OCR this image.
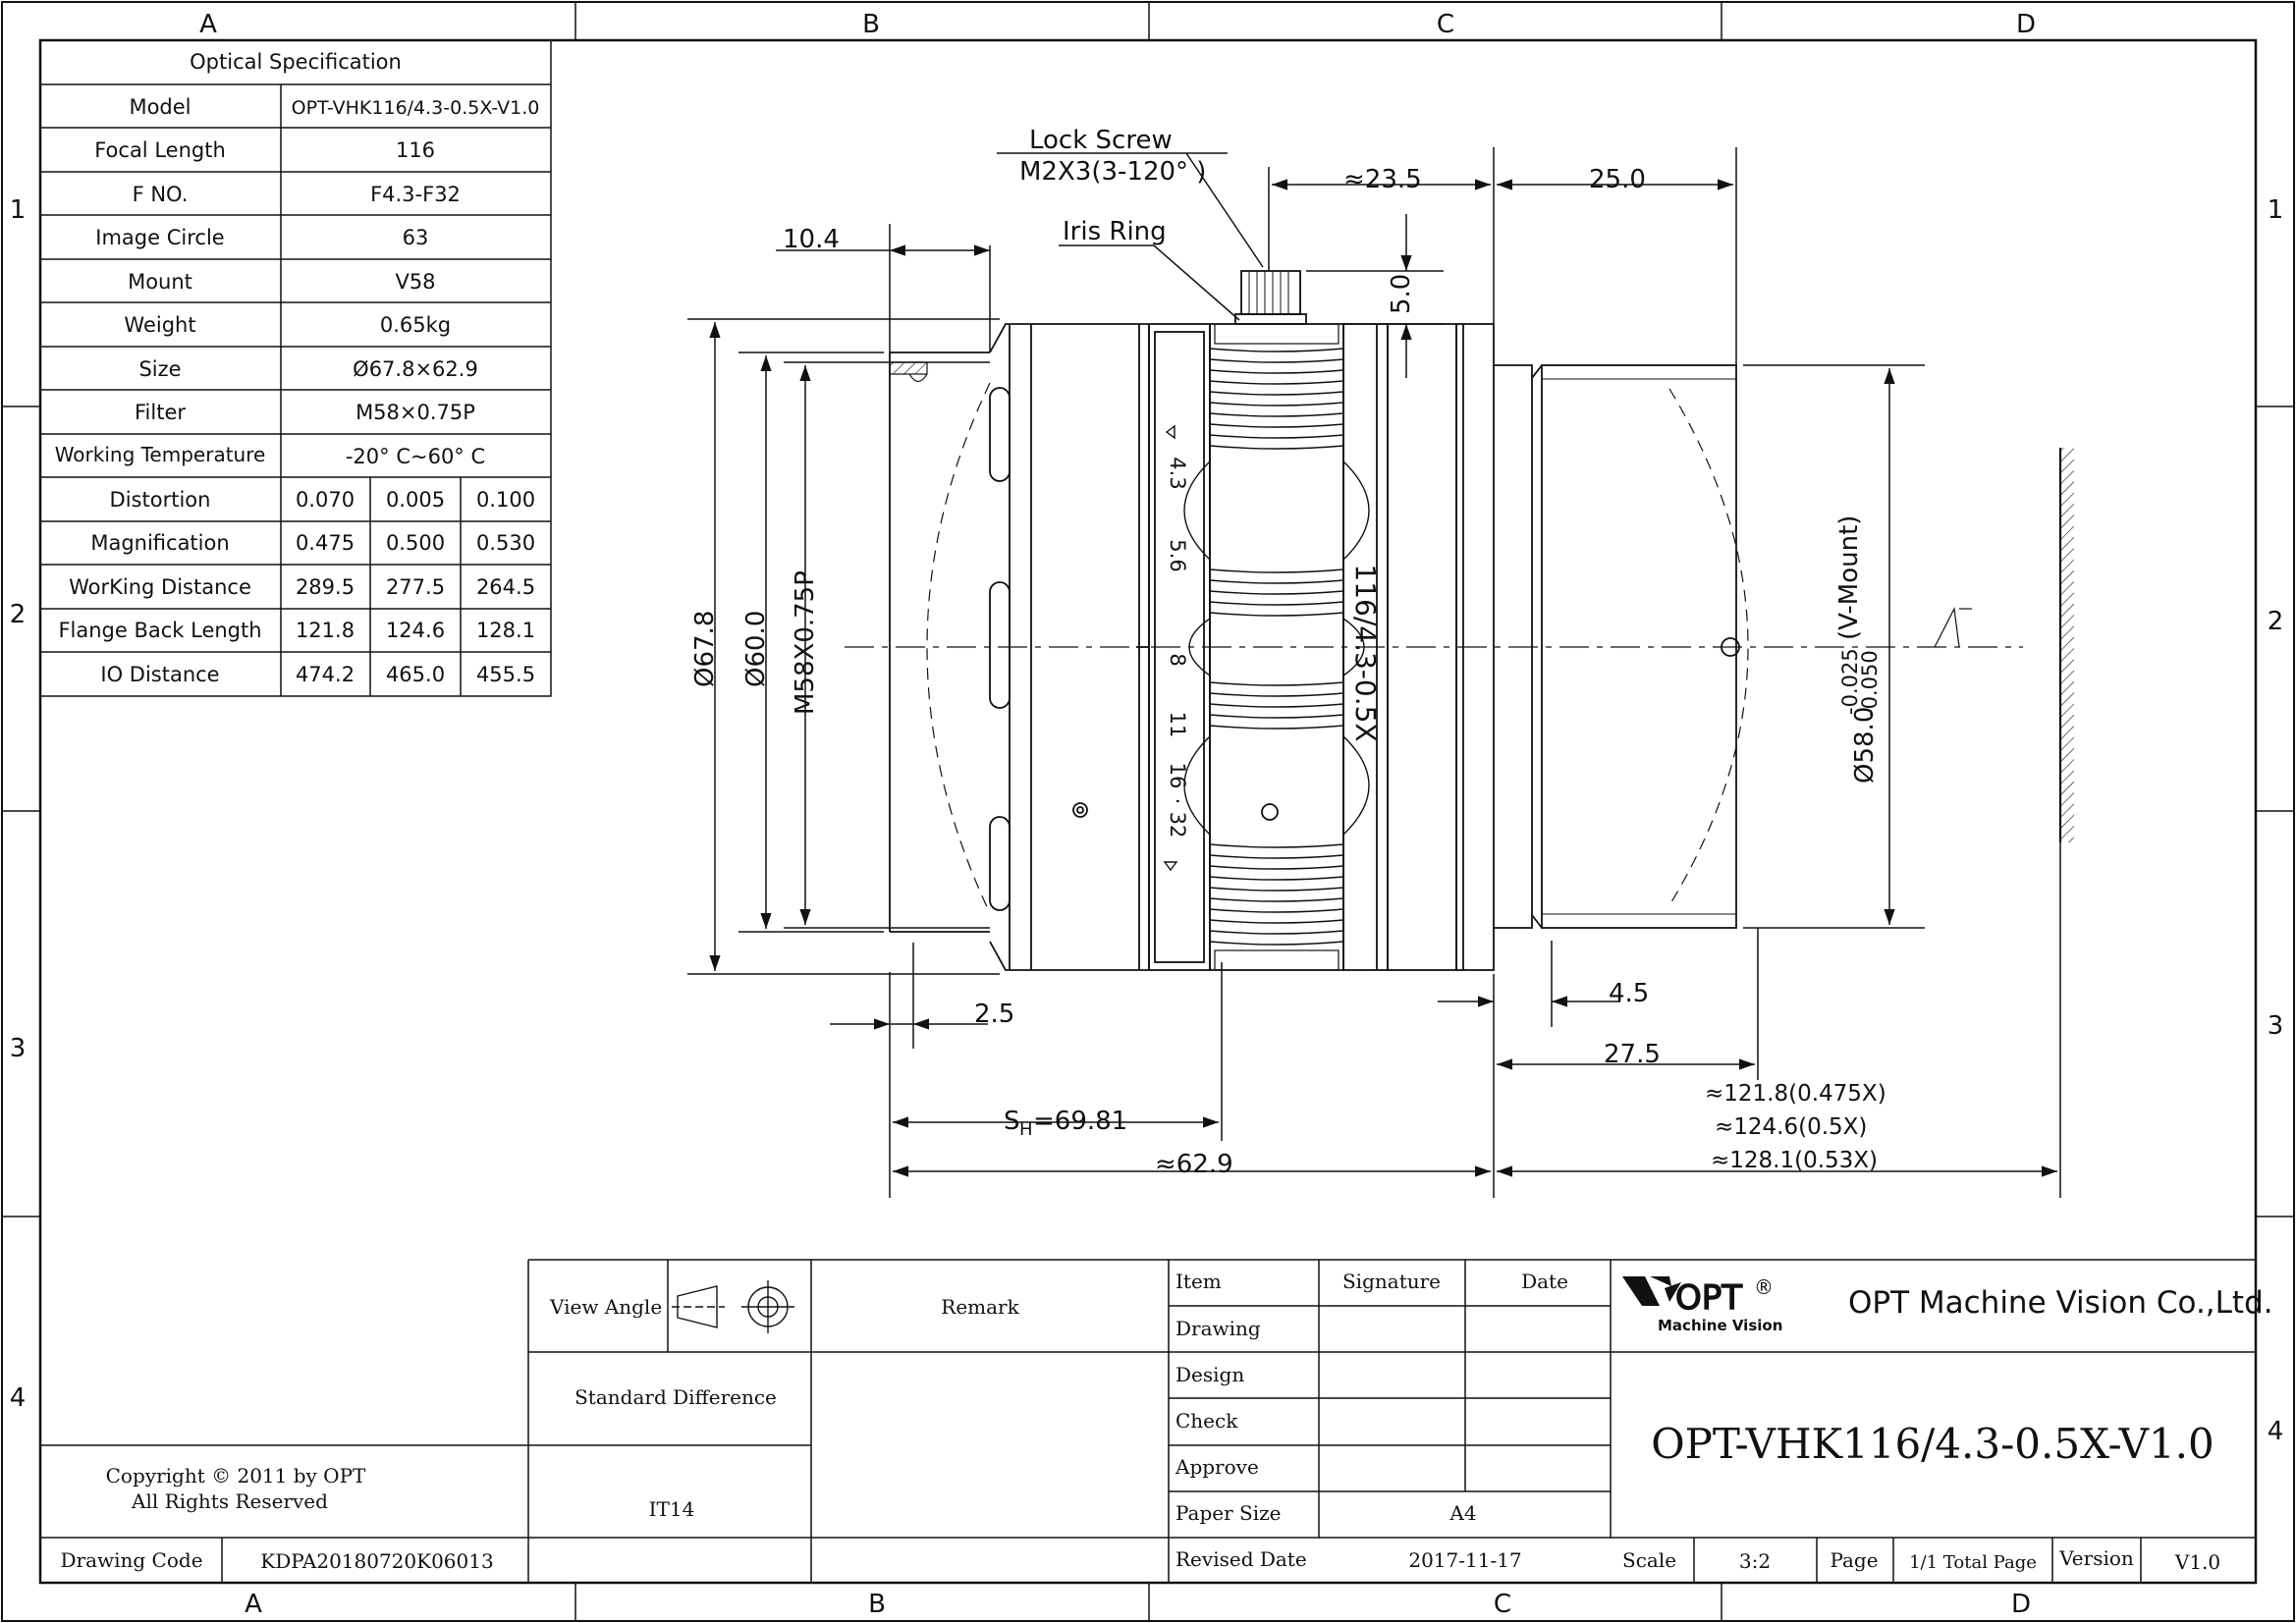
A	B	C	D
A	B	C	D
1
2
3
4
1
2
3
4
Optical Specification
Model	OPT-VHK116/4.3-0.5X-V1.0
Focal Length	116
F NO.	F4.3-F32
Image Circle	63
Mount	V58
Weight	0.65kg
Size	Ø67.8×62.9
Filter	M58×0.75P
Working Temperature	-20° C~60° C
Distortion	0.070 0.005 0.100
Magnification	0.475 0.500 0.530
WorKing Distance 289.5 277.5 264.5
Flange Back Length 121.8 124.6 128.1
IO Distance	474.2 465.0 455.5
Lock Screw
M2X3(3-120° )
Iris Ring
10.4
≈23.5	25.0
5.0
Ø67.8 Ø60.0 M58X0.75P
Ø58.0
-0.025
-0.050
(V-Mount)
2.5
4.5
27.5
S H =69.81
≈62.9
≈121.8(0.475X)
≈124.6(0.5X)
≈128.1(0.53X)
4.3
5.6
8
11
16
·
32
116/4.3-0.5X
View Angle	Remark
Standard Difference
IT14
Copyright © 2011 by OPT
All Rights Reserved
Drawing Code	KDPA20180720K06013
Item	Signature	Date
Drawing
Design
Check
Approve
Paper Size	A4
Revised Date	2017-11-17
OPT-VHK116/4.3-0.5X-V1.0
Scale	3:2	Page 1/1 Total Page Version V1.0
OPT ®
Machine Vision
OPT Machine Vision Co.,Ltd.
